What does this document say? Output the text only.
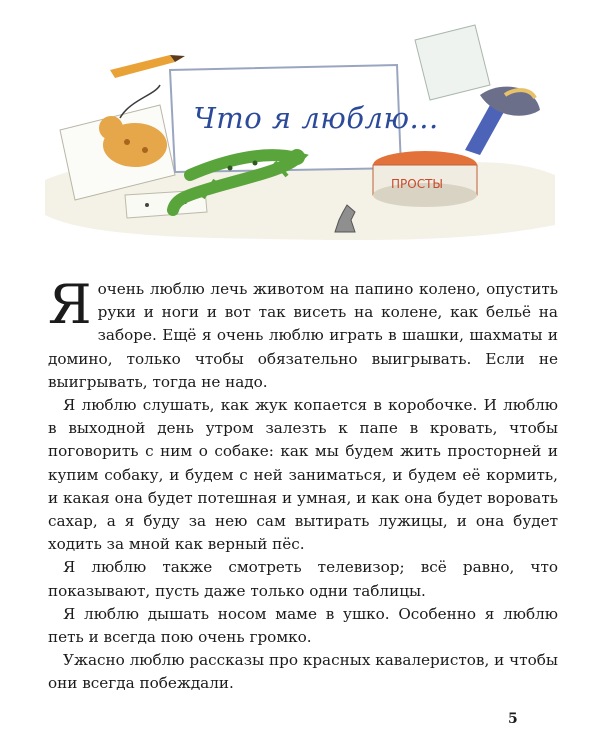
ПРОСТЫ
Что я люблю...

Я очень люблю лечь животом на папино колено, опустить руки и ноги и вот так висеть на колене, как бельё на заборе. Ещё я очень люблю играть в шашки, шахматы и домино, только чтобы обязательно выигрывать. Если не выигрывать, тогда не надо.

Я люблю слушать, как жук копается в коробочке. И люблю в выходной день утром залезть к папе в кровать, чтобы поговорить с ним о собаке: как мы будем жить просторней и купим собаку, и будем с ней заниматься, и будем её кормить, и какая она будет потешная и умная, и как она будет воровать сахар, а я буду за нею сам вытирать лужицы, и она будет ходить за мной как верный пёс.

Я люблю также смотреть телевизор; всё равно, что показывают, пусть даже только одни таблицы.

Я люблю дышать носом маме в ушко. Особенно я люблю петь и всегда пою очень громко.

Ужасно люблю рассказы про красных кавалеристов, и чтобы они всегда побеждали.

5
